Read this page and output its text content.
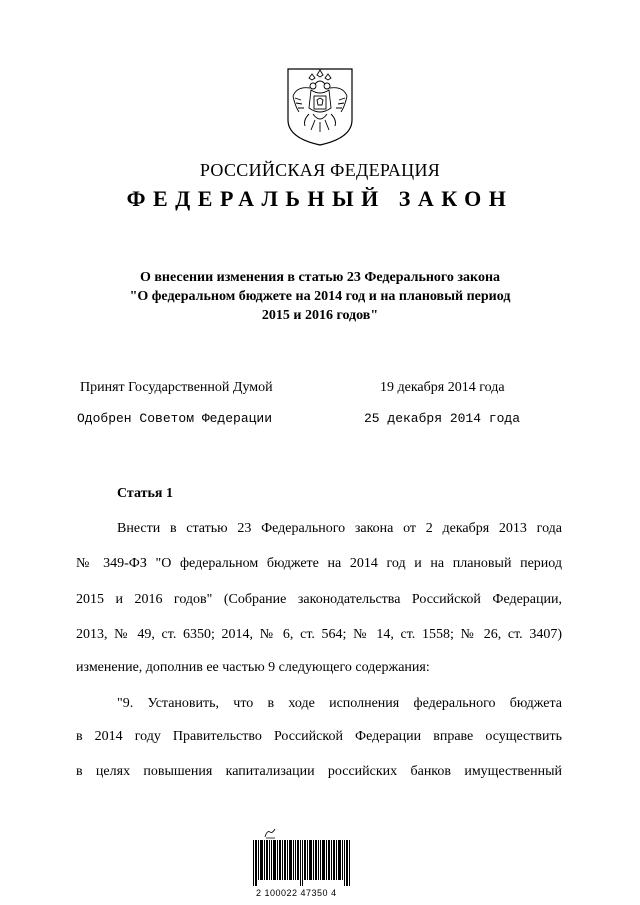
РОССИЙСКАЯ ФЕДЕРАЦИЯ
ФЕДЕРАЛЬНЫЙ ЗАКОН
О внесении изменения в статью 23 Федерального закона
"О федеральном бюджете на 2014 год и на плановый период
2015 и 2016 годов"
Принят Государственной Думой	19 декабря 2014 года
Одобрен Советом Федерации	25 декабря 2014 года
Статья 1
Внести в статью 23 Федерального закона от 2 декабря 2013 года
№ 349-ФЗ "О федеральном бюджете на 2014 год и на плановый период
2015 и 2016 годов" (Собрание законодательства Российской Федерации,
2013, № 49, ст. 6350; 2014, № 6, ст. 564; № 14, ст. 1558; № 26, ст. 3407)
изменение, дополнив ее частью 9 следующего содержания:
"9. Установить, что в ходе исполнения федерального бюджета
в 2014 году Правительство Российской Федерации вправе осуществить
в целях повышения капитализации российских банков имущественный
2 100022 47350 4
